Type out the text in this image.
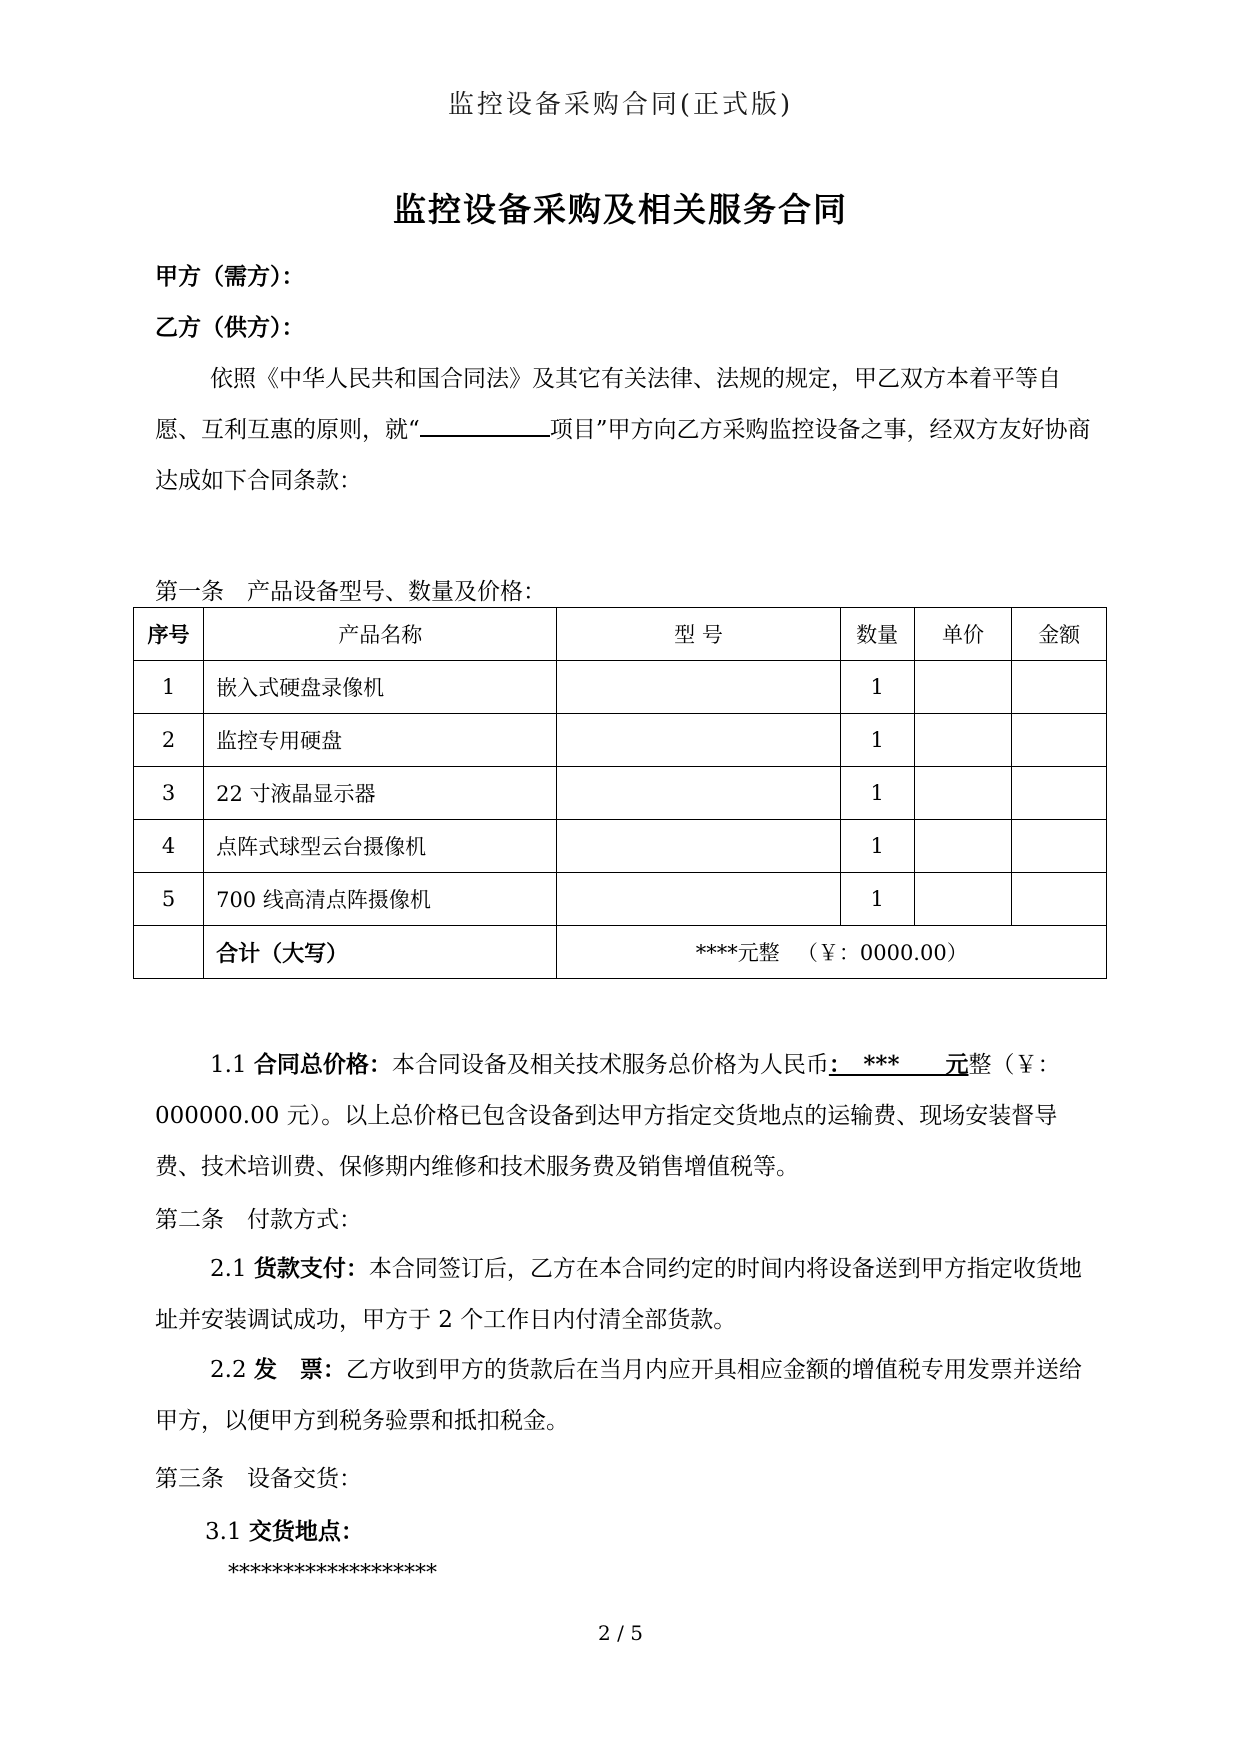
监控设备采购合同(正式版)
监控设备采购及相关服务合同
甲方（需方）：
乙方（供方）：
依照《中华人民共和国合同法》及其它有关法律、法规的规定，甲乙双方本着平等自愿、互利互惠的原则，就“	项目”甲方向乙方采购监控设备之事，经双方友好协商达成如下合同条款：
第一条　产品设备型号、数量及价格：
序号	产品名称	型 号	数量	单价	金额
1	嵌入式硬盘录像机		1		
2	监控专用硬盘		1		
3	22 寸液晶显示器		1		
4	点阵式球型云台摄像机		1		
5	700 线高清点阵摄像机		1		
	合计（大写）	****元整 　（￥：0000.00）			
1.1 合同总价格：本合同设备及相关技术服务总价格为人民币：　***　　元整（￥：000000.00 元）。以上总价格已包含设备到达甲方指定交货地点的运输费、现场安装督导费、技术培训费、保修期内维修和技术服务费及销售增值税等。
第二条　付款方式：
2.1 货款支付：本合同签订后，乙方在本合同约定的时间内将设备送到甲方指定收货地址并安装调试成功，甲方于 2 个工作日内付清全部货款。
2.2 发　票：乙方收到甲方的货款后在当月内应开具相应金额的增值税专用发票并送给甲方，以便甲方到税务验票和抵扣税金。
第三条　设备交货：
3.1 交货地点：
*******************
2 / 5
